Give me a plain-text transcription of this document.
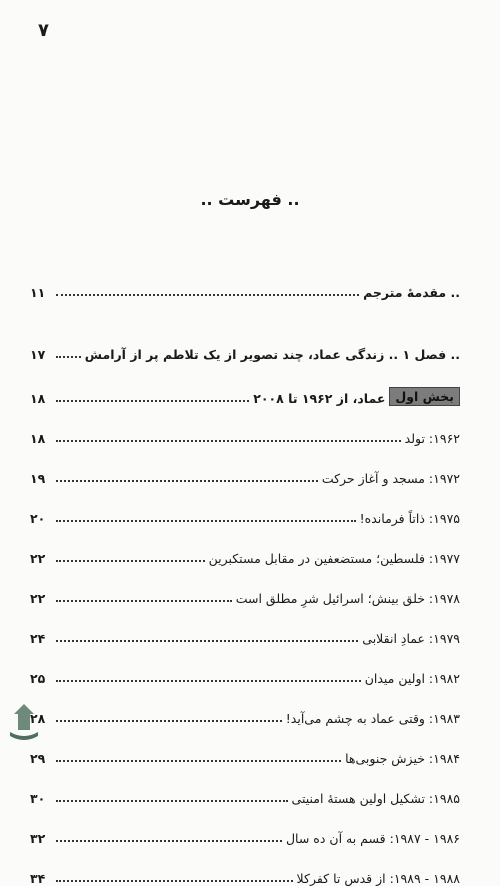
۷
.. فهرست ..
.. مقدمهٔ مترجم
۱۱
.. فصل ۱ .. زندگی عماد، چند تصویر از یک تلاطم پر از آرامش
۱۷
بخش اول
عماد، از ۱۹۶۲ تا ۲۰۰۸
۱۸
۱۹۶۲: تولد
۱۸
۱۹۷۲: مسجد و آغاز حرکت
۱۹
۱۹۷۵: ذاتاً فرمانده!
۲۰
۱۹۷۷: فلسطین؛ مستضعفین در مقابل مستکبرین
۲۲
۱۹۷۸: خلق بینش؛ اسرائیل شرِ مطلق است
۲۲
۱۹۷۹: عمادِ انقلابی
۲۴
۱۹۸۲: اولین میدان
۲۵
۱۹۸۳: وقتی عماد به چشم می‌آید!
۲۸
۱۹۸۴: خیزش جنوبی‌ها
۲۹
۱۹۸۵: تشکیل اولین هستهٔ امنیتی
۳۰
۱۹۸۶ - ۱۹۸۷: قسم به آن ده سال
۳۲
۱۹۸۸ - ۱۹۸۹: از قدس تا کفرکلا
۳۴
